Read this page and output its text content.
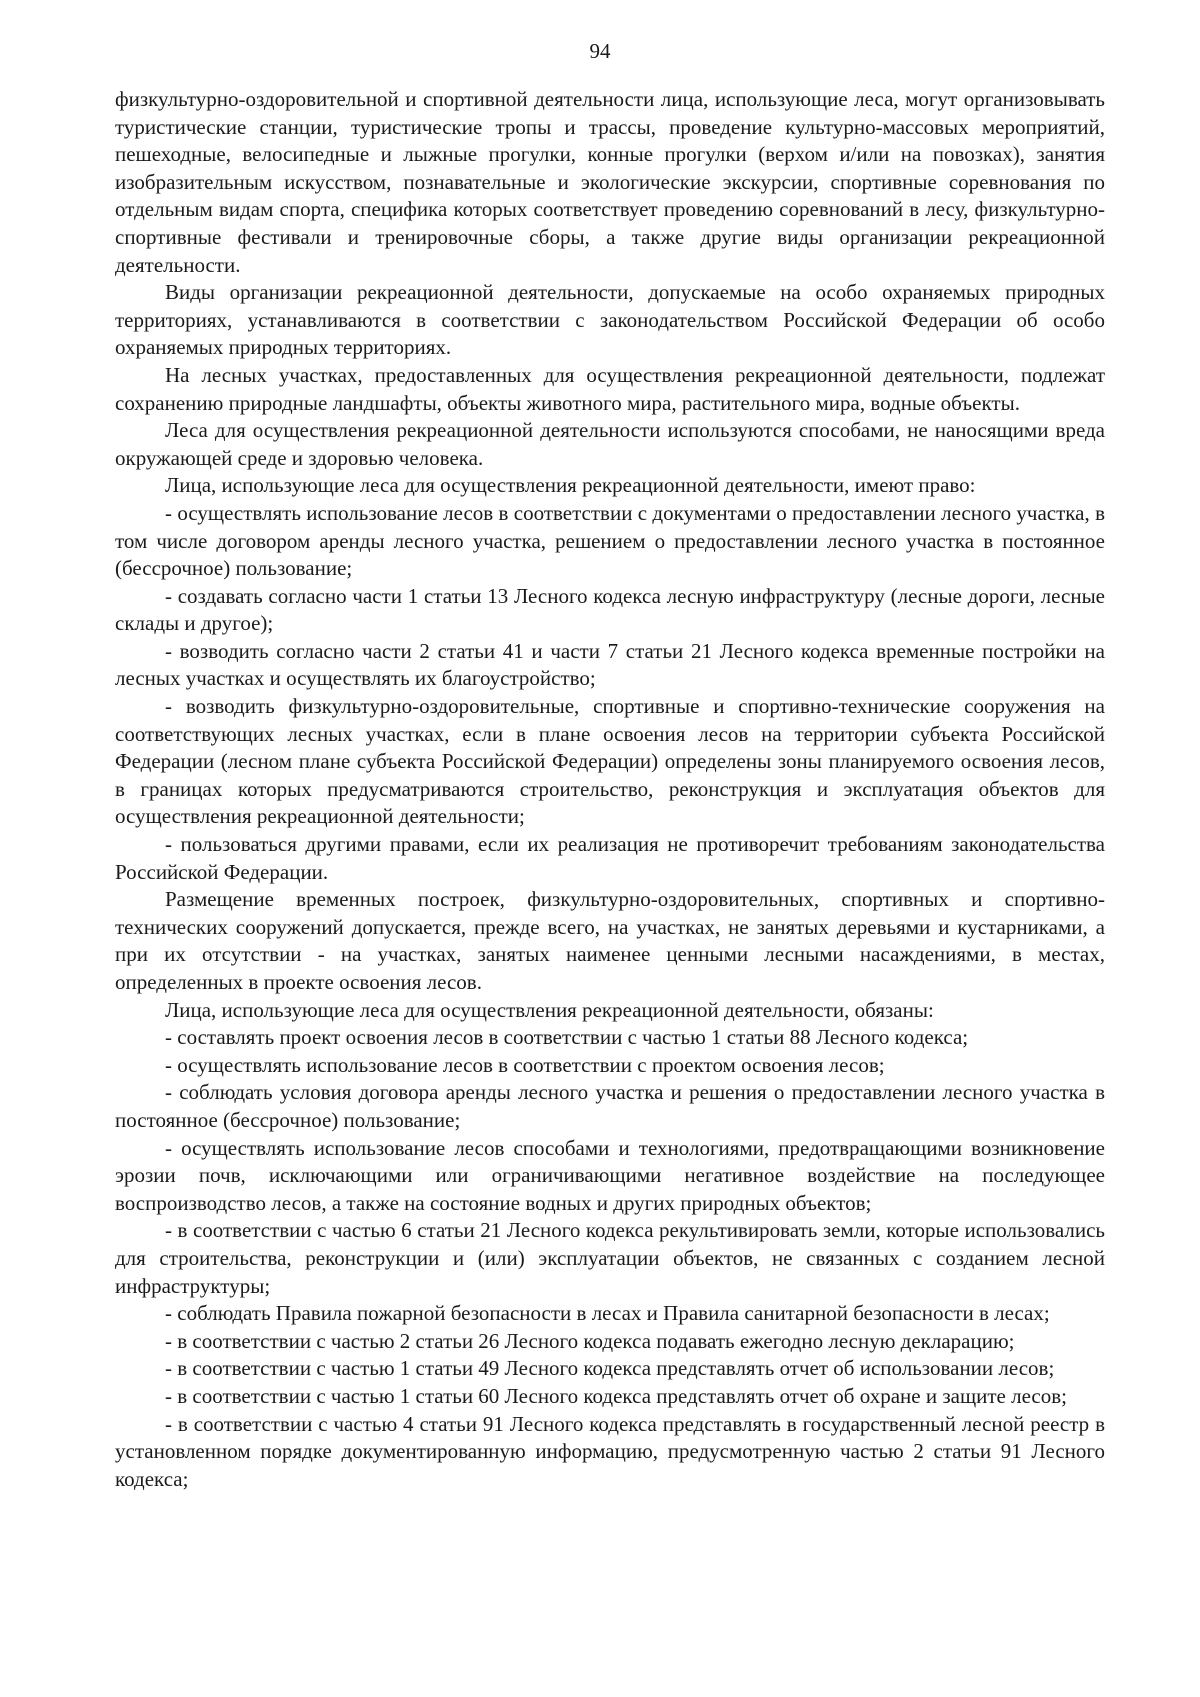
94

физкультурно-оздоровительной и спортивной деятельности лица, использующие леса, могут организовывать туристические станции, туристические тропы и трассы, проведение культурно-массовых мероприятий, пешеходные, велосипедные и лыжные прогулки, конные прогулки (верхом и/или на повозках), занятия изобразительным искусством, познавательные и экологические экскурсии, спортивные соревнования по отдельным видам спорта, специфика которых соответствует проведению соревнований в лесу, физкультурно-спортивные фестивали и тренировочные сборы, а также другие виды организации рекреационной деятельности.

Виды организации рекреационной деятельности, допускаемые на особо охраняемых природных территориях, устанавливаются в соответствии с законодательством Российской Федерации об особо охраняемых природных территориях.

На лесных участках, предоставленных для осуществления рекреационной деятельности, подлежат сохранению природные ландшафты, объекты животного мира, растительного мира, водные объекты.

Леса для осуществления рекреационной деятельности используются способами, не наносящими вреда окружающей среде и здоровью человека.

Лица, использующие леса для осуществления рекреационной деятельности, имеют право:

- осуществлять использование лесов в соответствии с документами о предоставлении лесного участка, в том числе договором аренды лесного участка, решением о предоставлении лесного участка в постоянное (бессрочное) пользование;

- создавать согласно части 1 статьи 13 Лесного кодекса лесную инфраструктуру (лесные дороги, лесные склады и другое);

- возводить согласно части 2 статьи 41 и части 7 статьи 21 Лесного кодекса временные постройки на лесных участках и осуществлять их благоустройство;

- возводить физкультурно-оздоровительные, спортивные и спортивно-технические сооружения на соответствующих лесных участках, если в плане освоения лесов на территории субъекта Российской Федерации (лесном плане субъекта Российской Федерации) определены зоны планируемого освоения лесов, в границах которых предусматриваются строительство, реконструкция и эксплуатация объектов для осуществления рекреационной деятельности;

- пользоваться другими правами, если их реализация не противоречит требованиям законодательства Российской Федерации.

Размещение временных построек, физкультурно-оздоровительных, спортивных и спортивно-технических сооружений допускается, прежде всего, на участках, не занятых деревьями и кустарниками, а при их отсутствии - на участках, занятых наименее ценными лесными насаждениями, в местах, определенных в проекте освоения лесов.

Лица, использующие леса для осуществления рекреационной деятельности, обязаны:

- составлять проект освоения лесов в соответствии с частью 1 статьи 88 Лесного кодекса;

- осуществлять использование лесов в соответствии с проектом освоения лесов;

- соблюдать условия договора аренды лесного участка и решения о предоставлении лесного участка в постоянное (бессрочное) пользование;

- осуществлять использование лесов способами и технологиями, предотвращающими возникновение эрозии почв, исключающими или ограничивающими негативное воздействие на последующее воспроизводство лесов, а также на состояние водных и других природных объектов;

- в соответствии с частью 6 статьи 21 Лесного кодекса рекультивировать земли, которые использовались для строительства, реконструкции и (или) эксплуатации объектов, не связанных с созданием лесной инфраструктуры;

- соблюдать Правила пожарной безопасности в лесах и Правила санитарной безопасности в лесах;

- в соответствии с частью 2 статьи 26 Лесного кодекса подавать ежегодно лесную декларацию;

- в соответствии с частью 1 статьи 49 Лесного кодекса представлять отчет об использовании лесов;

- в соответствии с частью 1 статьи 60 Лесного кодекса представлять отчет об охране и защите лесов;

- в соответствии с частью 4 статьи 91 Лесного кодекса представлять в государственный лесной реестр в установленном порядке документированную информацию, предусмотренную частью 2 статьи 91 Лесного кодекса;
